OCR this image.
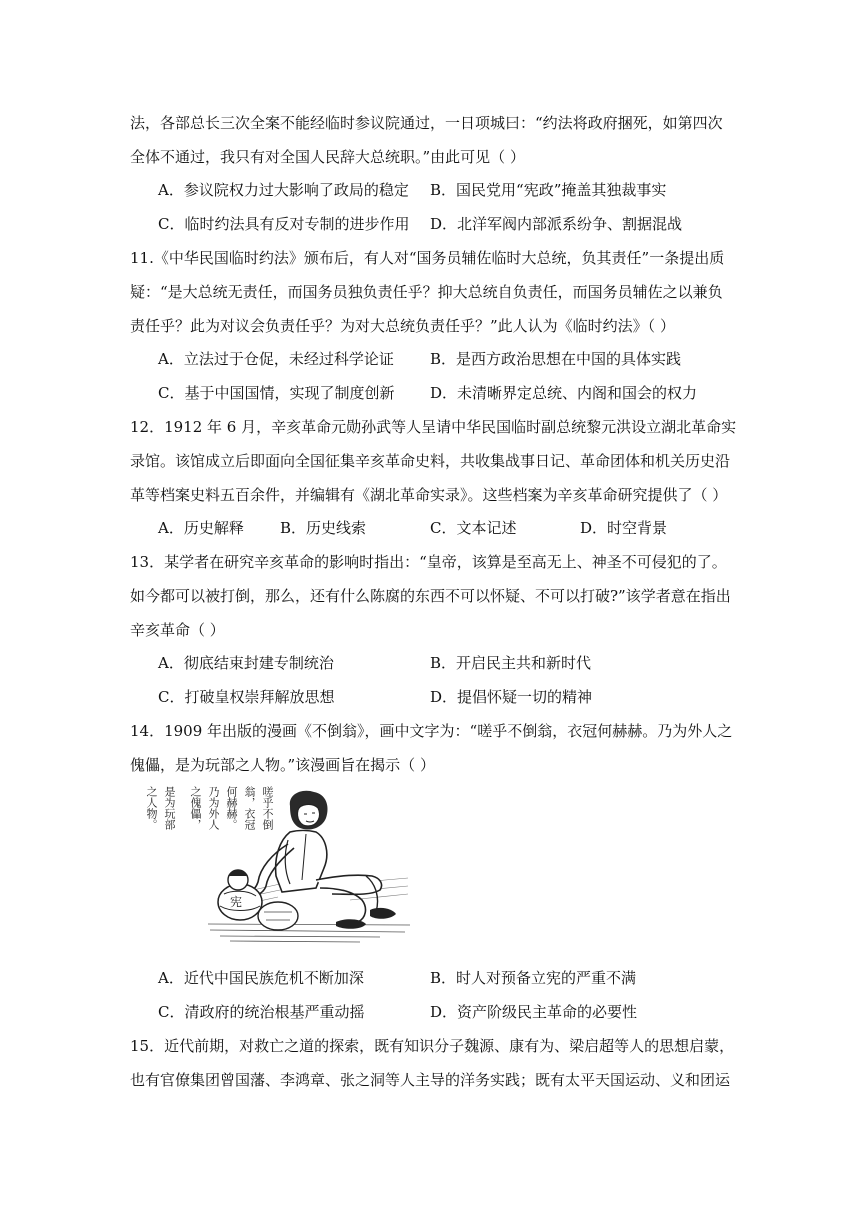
法，各部总长三次全案不能经临时参议院通过，一日项城曰：“约法将政府捆死，如第四次
全体不通过，我只有对全国人民辞大总统职。”由此可见（ ）
A．参议院权力过大影响了政局的稳定 B．国民党用“宪政”掩盖其独裁事实
C．临时约法具有反对专制的进步作用 D．北洋军阀内部派系纷争、割据混战
11.《中华民国临时约法》颁布后，有人对“国务员辅佐临时大总统，负其责任”一条提出质
疑：“是大总统无责任，而国务员独负责任乎？抑大总统自负责任，而国务员辅佐之以兼负
责任乎？此为对议会负责任乎？为对大总统负责任乎？”此人认为《临时约法》（ ）
A．立法过于仓促，未经过科学论证 B．是西方政治思想在中国的具体实践
C．基于中国国情，实现了制度创新 D．未清晰界定总统、内阁和国会的权力
12．1912 年 6 月，辛亥革命元勋孙武等人呈请中华民国临时副总统黎元洪设立湖北革命实
录馆。该馆成立后即面向全国征集辛亥革命史料，共收集战事日记、革命团体和机关历史沿
革等档案史料五百余件，并编辑有《湖北革命实录》。这些档案为辛亥革命研究提供了（ ）
A．历史解释 B．历史线索	C．文本记述	D．时空背景
13．某学者在研究辛亥革命的影响时指出：“皇帝，该算是至高无上、神圣不可侵犯的了。
如今都可以被打倒，那么，还有什么陈腐的东西不可以怀疑、不可以打破?”该学者意在指出
辛亥革命（ ）
A．彻底结束封建专制统治	B．开启民主共和新时代
C．打破皇权崇拜解放思想	D．提倡怀疑一切的精神
14．1909 年出版的漫画《不倒翁》，画中文字为：“嗟乎不倒翁，衣冠何赫赫。乃为外人之
傀儡，是为玩部之人物。”该漫画旨在揭示（ ）
嗟乎不倒
翁，衣冠
何赫赫。
乃为外人
之傀儡，
是为玩部
之人物。
宪
A．近代中国民族危机不断加深	B．时人对预备立宪的严重不满
C．清政府的统治根基严重动摇	D．资产阶级民主革命的必要性
15．近代前期，对救亡之道的探索，既有知识分子魏源、康有为、梁启超等人的思想启蒙，
也有官僚集团曾国藩、李鸿章、张之洞等人主导的洋务实践；既有太平天国运动、义和团运
